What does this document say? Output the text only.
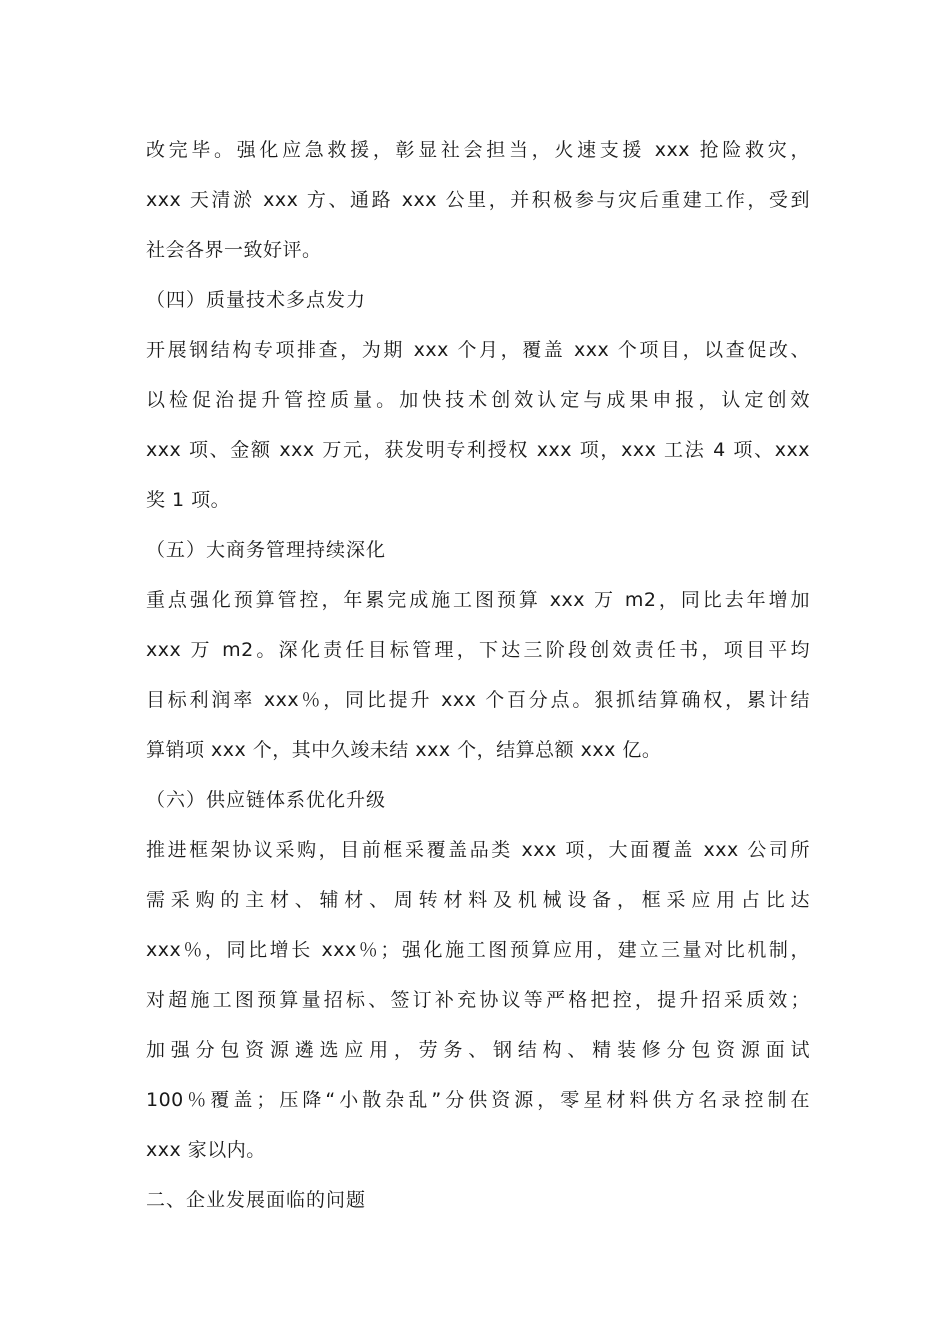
改完毕。强化应急救援，彰显社会担当，火速支援 xxx 抢险救灾，
xxx 天清淤 xxx 方、通路 xxx 公里，并积极参与灾后重建工作，受到
社会各界一致好评。
（四）质量技术多点发力
开展钢结构专项排查，为期 xxx 个月，覆盖 xxx 个项目，以查促改、
以检促治提升管控质量。加快技术创效认定与成果申报，认定创效
xxx 项、金额 xxx 万元，获发明专利授权 xxx 项，xxx 工法 4 项、xxx
奖 1 项。
（五）大商务管理持续深化
重点强化预算管控，年累完成施工图预算 xxx 万 m2，同比去年增加
xxx 万 m2。深化责任目标管理，下达三阶段创效责任书，项目平均
目标利润率 xxx％，同比提升 xxx 个百分点。狠抓结算确权，累计结
算销项 xxx 个，其中久竣未结 xxx 个，结算总额 xxx 亿。
（六）供应链体系优化升级
推进框架协议采购，目前框采覆盖品类 xxx 项，大面覆盖 xxx 公司所
需采购的主材、辅材、周转材料及机械设备，框采应用占比达
xxx％，同比增长 xxx％；强化施工图预算应用，建立三量对比机制，
对超施工图预算量招标、签订补充协议等严格把控，提升招采质效；
加强分包资源遴选应用，劳务、钢结构、精装修分包资源面试
100％覆盖；压降“小散杂乱”分供资源，零星材料供方名录控制在
xxx 家以内。
二、企业发展面临的问题
